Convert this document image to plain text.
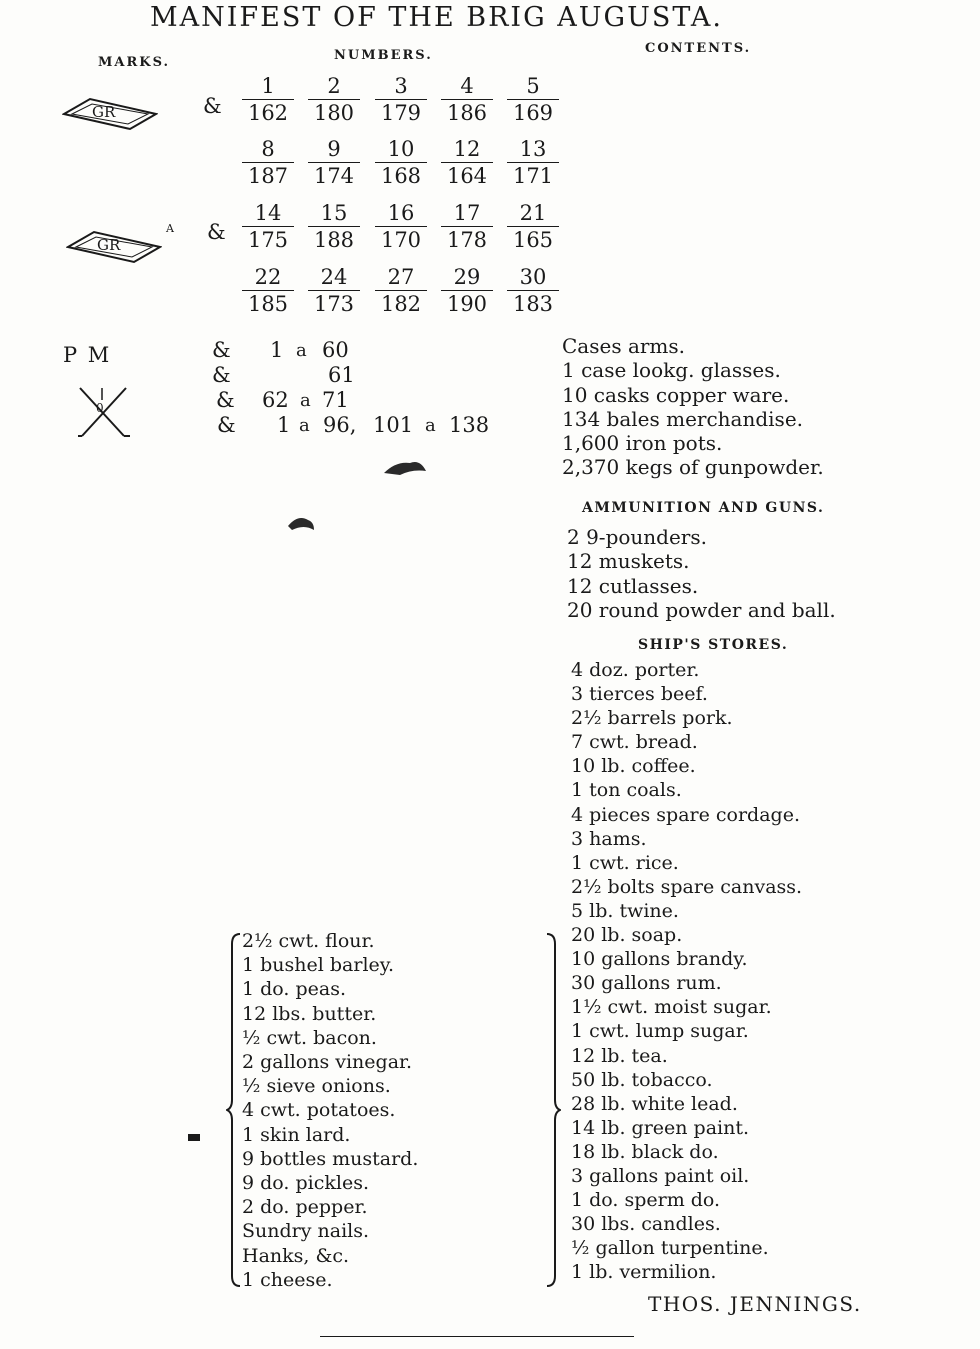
MANIFEST OF THE BRIG AUGUSTA.
MARKS.	NUMBERS.	CONTENTS.
GR	&
GR
A &
$\frac{1}{162} \frac{2}{180} \frac{3}{179} \frac{4}{186} \frac{5}{169}$
$\frac{8}{187} \frac{9}{174} \frac{10}{168} \frac{12}{164} \frac{13}{171}$
$\frac{14}{175} \frac{15}{188} \frac{16}{170} \frac{17}{178} \frac{21}{165}$
$\frac{22}{185} \frac{24}{173} \frac{27}{182} \frac{29}{190} \frac{30}{183}$
P M
0
& 1 a 60
&	61
& 62 a 71
& 1 a 96, 101 a 138
Cases arms.
1 case lookg. glasses.
10 casks copper ware.
134 bales merchandise.
1,600 iron pots.
2,370 kegs of gunpowder.
AMMUNITION AND GUNS.
2 9-pounders.
12 muskets.
12 cutlasses.
20 round powder and ball.
SHIP'S STORES.
4 doz. porter.
3 tierces beef.
2½ barrels pork.
7 cwt. bread.
10 lb. coffee.
1 ton coals.
4 pieces spare cordage.
3 hams.
1 cwt. rice.
2½ bolts spare canvass.
5 lb. twine.
20 lb. soap.
10 gallons brandy.
30 gallons rum.
1½ cwt. moist sugar.
1 cwt. lump sugar.
12 lb. tea.
50 lb. tobacco.
28 lb. white lead.
14 lb. green paint.
18 lb. black do.
3 gallons paint oil.
1 do. sperm do.
30 lbs. candles.
½ gallon turpentine.
1 lb. vermilion.
2½ cwt. flour.
1 bushel barley.
1 do. peas.
12 lbs. butter.
½ cwt. bacon.
2 gallons vinegar.
½ sieve onions.
4 cwt. potatoes.
1 skin lard.
9 bottles mustard.
9 do. pickles.
2 do. pepper.
Sundry nails.
Hanks, &c.
1 cheese.
THOS. JENNINGS.
